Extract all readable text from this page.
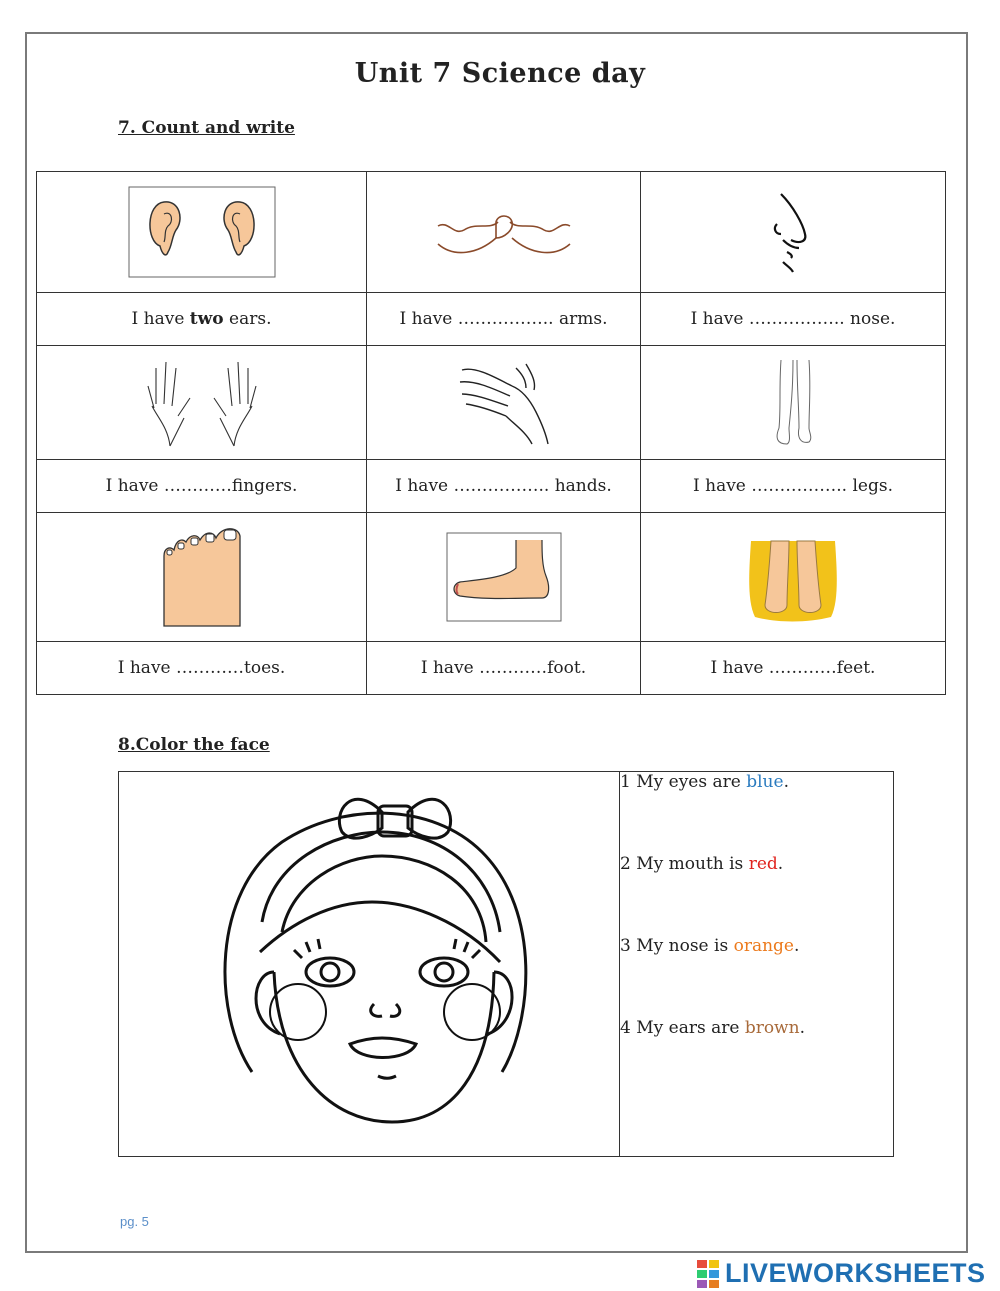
Unit 7 Science day
7. Count and write

I have two ears.	I have …………….. arms.	I have …………….. nose.

I have …………fingers.	I have …………….. hands.	I have …………….. legs.

I have …………toes.	I have …………foot.	I have …………feet.
8.Color the face

1 My eyes are blue.

2 My mouth is red.

3 My nose is orange.

4 My ears are brown.

pg. 5
LIVEWORKSHEETS
